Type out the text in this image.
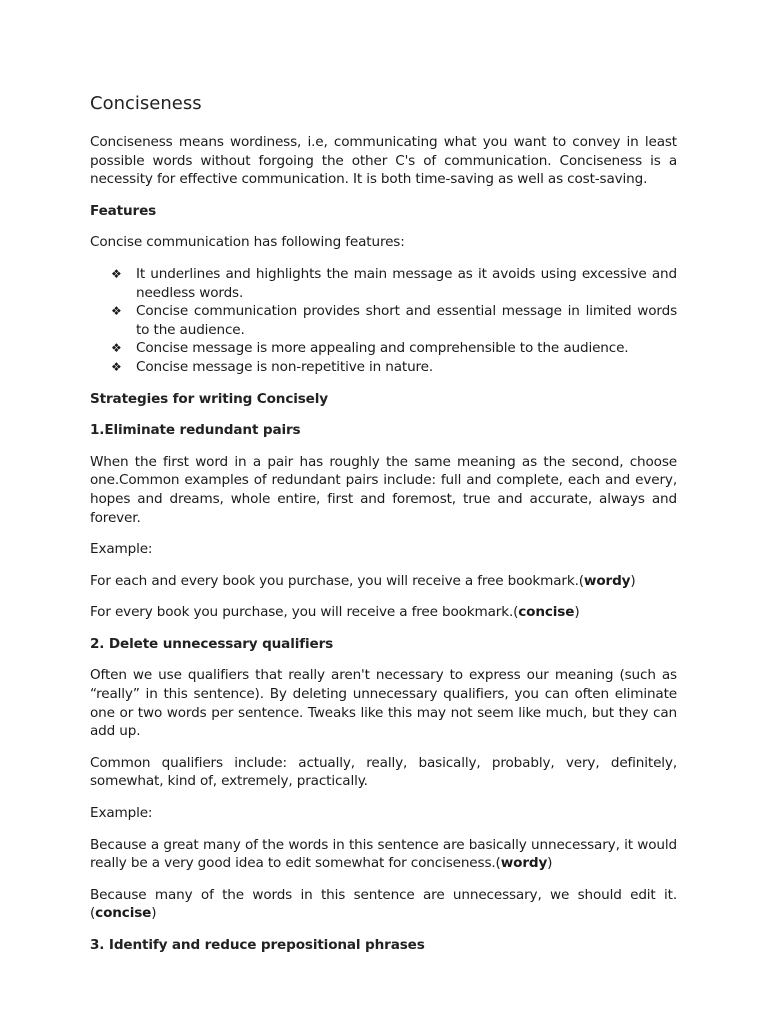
Conciseness

Conciseness means wordiness, i.e, communicating what you want to convey in least possible words without forgoing the other C's of communication. Conciseness is a necessity for effective communication. It is both time-saving as well as cost-saving.

Features

Concise communication has following features:

❖ It underlines and highlights the main message as it avoids using excessive and needless words.
❖ Concise communication provides short and essential message in limited words to the audience.
❖ Concise message is more appealing and comprehensible to the audience.
❖ Concise message is non-repetitive in nature.
Strategies for writing Concisely
1.Eliminate redundant pairs

When the first word in a pair has roughly the same meaning as the second, choose one.Common examples of redundant pairs include: full and complete, each and every, hopes and dreams, whole entire, first and foremost, true and accurate, always and forever.

Example:

For each and every book you purchase, you will receive a free bookmark.(wordy)

For every book you purchase, you will receive a free bookmark.(concise)

2. Delete unnecessary qualifiers

Often we use qualifiers that really aren't necessary to express our meaning (such as “really” in this sentence). By deleting unnecessary qualifiers, you can often eliminate one or two words per sentence. Tweaks like this may not seem like much, but they can add up.

Common qualifiers include: actually, really, basically, probably, very, definitely, somewhat, kind of, extremely, practically.

Example:

Because a great many of the words in this sentence are basically unnecessary, it would really be a very good idea to edit somewhat for conciseness.(wordy)

Because many of the words in this sentence are unnecessary, we should edit it.(concise)

3. Identify and reduce prepositional phrases
